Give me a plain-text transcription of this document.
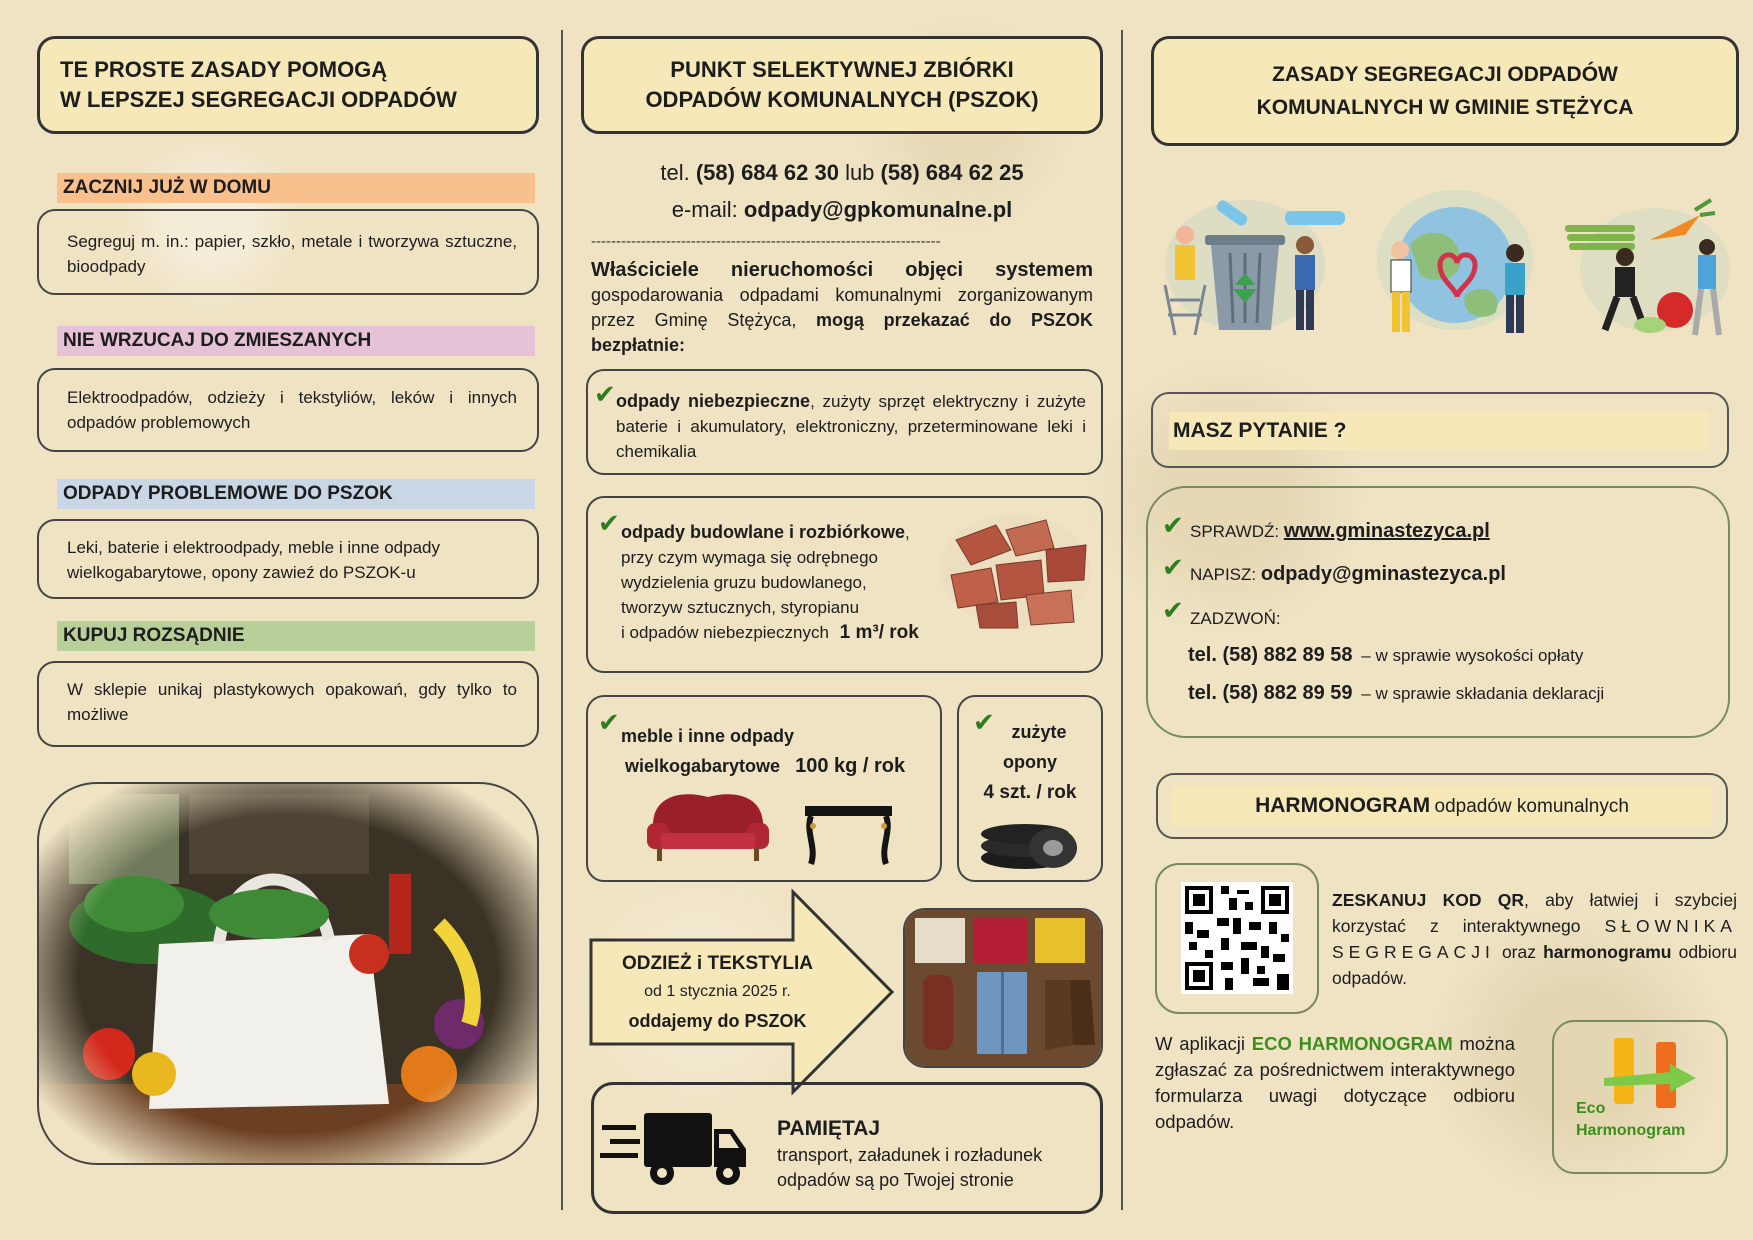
TE PROSTE ZASADY POMOGĄ
W LEPSZEJ SEGREGACJI ODPADÓW
ZACZNIJ JUŻ W DOMU
Segreguj m. in.: papier, szkło, metale i tworzywa sztuczne, bioodpady
NIE WRZUCAJ DO ZMIESZANYCH
Elektroodpadów, odzieży i tekstyliów, leków i innych odpadów problemowych
ODPADY PROBLEMOWE DO PSZOK
Leki, baterie i elektroodpady, meble i inne odpady wielkogabarytowe, opony zawieź do PSZOK-u
KUPUJ ROZSĄDNIE
W sklepie unikaj plastykowych opakowań, gdy tylko to możliwe
PUNKT SELEKTYWNEJ ZBIÓRKI
ODPADÓW KOMUNALNYCH (PSZOK)
tel. (58) 684 62 30 lub (58) 684 62 25
e-mail: odpady@gpkomunalne.pl
----------------------------------------------------------------------
Właściciele nieruchomości objęci systemem gospodarowania odpadami komunalnymi zorganizowanym przez Gminę Stężyca, mogą przekazać do PSZOK bezpłatnie:
✔ odpady niebezpieczne, zużyty sprzęt elektryczny i zużyte baterie i akumulatory, elektroniczny, przeterminowane leki i chemikalia
✔ odpady budowlane i rozbiórkowe,
przy czym wymaga się odrębnego
wydzielenia gruzu budowlanego,
tworzyw sztucznych, styropianu
i odpadów niebezpiecznych 1 m³/ rok
✔ meble i inne odpady
wielkogabarytowe 100 kg / rok
✔ zużyte
opony
4 szt. / rok
ODZIEŻ i TEKSTYLIA
od 1 stycznia 2025 r.
oddajemy do PSZOK
PAMIĘTAJ
transport, załadunek i rozładunek
odpadów są po Twojej stronie
ZASADY SEGREGACJI ODPADÓW
KOMUNALNYCH W GMINIE STĘŻYCA
MASZ PYTANIE ?
✔ SPRAWDŹ: www.gminastezyca.pl
✔ NAPISZ: odpady@gminastezyca.pl
✔ ZADZWOŃ:
tel. (58) 882 89 58 – w sprawie wysokości opłaty
tel. (58) 882 89 59 – w sprawie składania deklaracji
HARMONOGRAM odpadów komunalnych
ZESKANUJ KOD QR, aby łatwiej i szybciej korzystać z interaktywnego SŁOWNIKA SEGREGACJI oraz harmonogramu odbioru odpadów.
W aplikacji ECO HARMONOGRAM można zgłaszać za pośrednictwem interaktywnego formularza uwagi dotyczące odbioru odpadów.
Eco
Harmonogram
